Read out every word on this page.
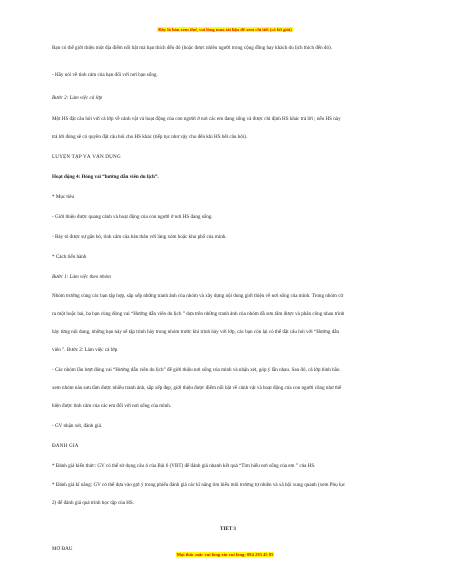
Đây là bản xem thử, vui lòng mua tài liệu để xem chi tiết (có lời giải)
Bạn có thể giới thiệu một địa điểm nổi bật mà bạn thích đến đó (hoặc được nhiều người trong cộng đồng hay khách du lịch thích đến đó).
- Hãy nói về tình cảm của bạn đối với nơi bạn sống.
Bước 2: Làm việc cả lớp
Một HS đặt câu hỏi với cả lớp về cảnh vật và hoạt động của con người ở nơi các em đang sống và được chỉ định HS khác trả lời ; nếu HS này
trả lời đúng sẽ có quyền đặt câu hỏi cho HS khác (tiếp tục như vậy cho đến khi HS hết câu hỏi).
LUYỆN TẬP VÀ VẬN DỤNG
Hoạt động 4: Đóng vai “hướng dẫn viên du lịch”.
* Mục tiêu
- Giới thiệu được quang cảnh và hoạt động của con người ở nơi HS đang sống.
- Bày tỏ được sự gắn bó, tình cảm của bản thân với làng xóm hoặc khu phố của mình.
* Cách tiến hành
Bước 1: Làm việc theo nhóm
Nhóm trưởng cùng các bạn tập hợp, sắp xếp những tranh ảnh của nhóm và xây dựng nội dung giới thiệu về nơi sống của mình. Trong nhóm cử
ra một hoặc hai, ba bạn cùng đóng vai “Hướng dẫn viên du lịch ” dựa trên những tranh ảnh của nhóm đã sưu tầm được và phân công nhau trình
bày từng nội dung, những bạn này sẽ tập trình bày trong nhóm trước khi trình bày với lớp, các bạn còn lại có thể đặt câu hỏi với “Hướng dẫn
viên ”. Bước 2: Làm việc cả lớp
- Các nhóm lần lượt đóng vai “Hướng dẫn viên du lịch” để giới thiệu nơi sống của mình và nhận xét, góp ý lẫn nhau. Sau đó, cả lớp bình bầu
xem nhóm nào sưu tầm được nhiều tranh ảnh, sắp xếp đẹp, giới thiệu được điểm nổi bật về cảnh vật và hoạt động của con người cũng như thể
hiện được tình cảm của các em đối với nơi sống của mình.
- GV nhận xét, đánh giá.
ĐÁNH GIÁ
* Đánh giá kiến thức: GV có thể sử dụng câu 4 của Bài 6 (VBT) để đánh giá nhanh kết quả “Tìm hiểu nơi sống của em ” của HS.
* Đánh giá kĩ năng: GV có thể dựa vào gợi ý trong phiếu đánh giá các kĩ năng tìm hiểu môi trường tự nhiên và xã hội xung quanh (xem Phụ lục
2) để đánh giá quá trình học tập của HS.
TIẾT 3
MỞ ĐẦU
Mọi thắc mắc vui lòng xin vui lòng: 084 283 45 85
